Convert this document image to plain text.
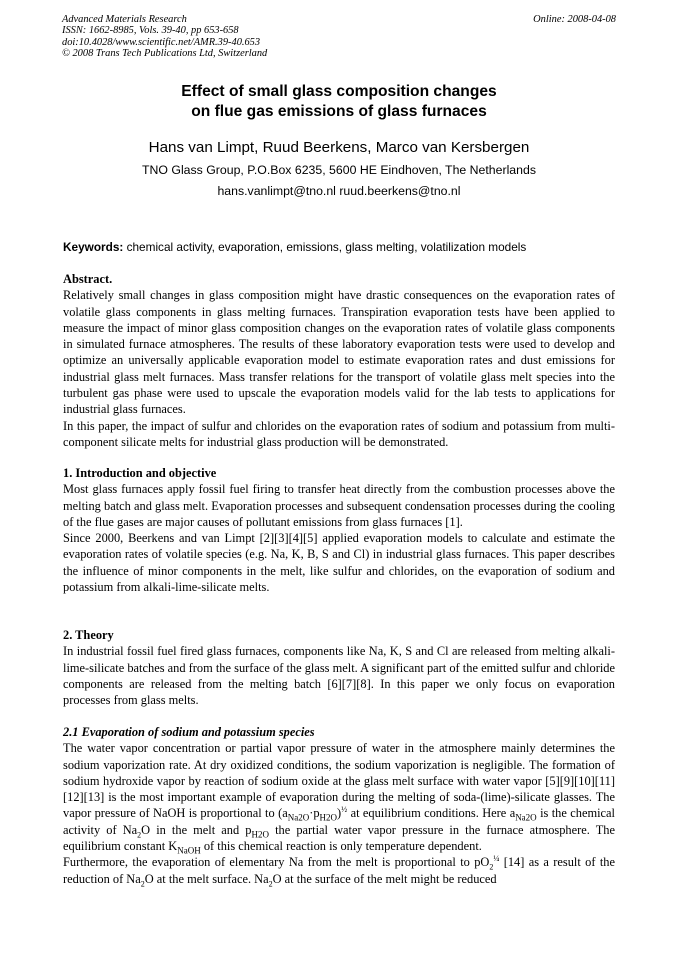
Advanced Materials Research
ISSN: 1662-8985, Vols. 39-40, pp 653-658
doi:10.4028/www.scientific.net/AMR.39-40.653
© 2008 Trans Tech Publications Ltd, Switzerland
Online: 2008-04-08
Effect of small glass composition changes
on flue gas emissions of glass furnaces
Hans van Limpt, Ruud Beerkens, Marco van Kersbergen
TNO Glass Group, P.O.Box 6235, 5600 HE Eindhoven, The Netherlands
hans.vanlimpt@tno.nl ruud.beerkens@tno.nl
Keywords: chemical activity, evaporation, emissions, glass melting, volatilization models

Abstract.

Relatively small changes in glass composition might have drastic consequences on the evaporation rates of volatile glass components in glass melting furnaces. Transpiration evaporation tests have been applied to measure the impact of minor glass composition changes on the evaporation rates of volatile glass components in simulated furnace atmospheres. The results of these laboratory evaporation tests were used to develop and optimize an universally applicable evaporation model to estimate evaporation rates and dust emissions for industrial glass melt furnaces. Mass transfer relations for the transport of volatile glass melt species into the turbulent gas phase were used to upscale the evaporation models valid for the lab tests to applications for industrial glass furnaces.

In this paper, the impact of sulfur and chlorides on the evaporation rates of sodium and potassium from multi-component silicate melts for industrial glass production will be demonstrated.

1. Introduction and objective

Most glass furnaces apply fossil fuel firing to transfer heat directly from the combustion processes above the melting batch and glass melt. Evaporation processes and subsequent condensation processes during the cooling of the flue gases are major causes of pollutant emissions from glass furnaces [1].

Since 2000, Beerkens and van Limpt [2][3][4][5] applied evaporation models to calculate and estimate the evaporation rates of volatile species (e.g. Na, K, B, S and Cl) in industrial glass furnaces. This paper describes the influence of minor components in the melt, like sulfur and chlorides, on the evaporation of sodium and potassium from alkali-lime-silicate melts.

2. Theory

In industrial fossil fuel fired glass furnaces, components like Na, K, S and Cl are released from melting alkali-lime-silicate batches and from the surface of the glass melt. A significant part of the emitted sulfur and chloride components are released from the melting batch [6][7][8]. In this paper we only focus on evaporation processes from glass melts.

2.1 Evaporation of sodium and potassium species

The water vapor concentration or partial vapor pressure of water in the atmosphere mainly determines the sodium vaporization rate. At dry oxidized conditions, the sodium vaporization is negligible. The formation of sodium hydroxide vapor by reaction of sodium oxide at the glass melt surface with water vapor [5][9][10][11][12][13] is the most important example of evaporation during the melting of soda-(lime)-silicate glasses. The vapor pressure of NaOH is proportional to $(a_{Na2O}\cdot p_{H2O})^{\frac{1}{2}}$ at equilibrium conditions. Here $a_{Na2O}$ is the chemical activity of $Na_2O$ in the melt and $p_{H2O}$ the partial water vapor pressure in the furnace atmosphere. The equilibrium constant $K_{NaOH}$ of this chemical reaction is only temperature dependent.

Furthermore, the evaporation of elementary Na from the melt is proportional to $pO_2^{\frac{1}{4}}$ [14] as a result of the reduction of $Na_2O$ at the melt surface. $Na_2O$ at the surface of the melt might be reduced
